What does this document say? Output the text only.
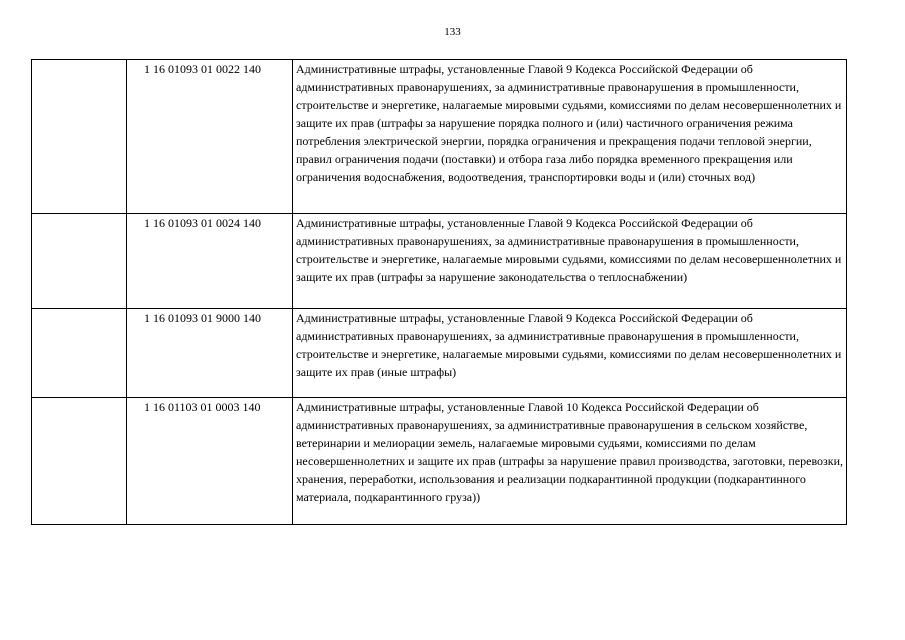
133
	1 16 01093 01 0022 140	Административные штрафы, установленные Главой 9 Кодекса Российской Федерации об административных правонарушениях, за административные правонарушения в промышленности, строительстве и энергетике, налагаемые мировыми судьями, комиссиями по делам несовершеннолетних и защите их прав (штрафы за нарушение порядка полного и (или) частичного ограничения режима потребления электрической энергии, порядка ограничения и прекращения подачи тепловой энергии, правил ограничения подачи (поставки) и отбора газа либо порядка временного прекращения или ограничения водоснабжения, водоотведения, транспортировки воды и (или) сточных вод)
	1 16 01093 01 0024 140	Административные штрафы, установленные Главой 9 Кодекса Российской Федерации об административных правонарушениях, за административные правонарушения в промышленности, строительстве и энергетике, налагаемые мировыми судьями, комиссиями по делам несовершеннолетних и защите их прав (штрафы за нарушение законодательства о теплоснабжении)
	1 16 01093 01 9000 140	Административные штрафы, установленные Главой 9 Кодекса Российской Федерации об административных правонарушениях, за административные правонарушения в промышленности, строительстве и энергетике, налагаемые мировыми судьями, комиссиями по делам несовершеннолетних и защите их прав (иные штрафы)
	1 16 01103 01 0003 140	Административные штрафы, установленные Главой 10 Кодекса Российской Федерации об административных правонарушениях, за административные правонарушения в сельском хозяйстве, ветеринарии и мелиорации земель, налагаемые мировыми судьями, комиссиями по делам несовершеннолетних и защите их прав (штрафы за нарушение правил производства, заготовки, перевозки, хранения, переработки, использования и реализации подкарантинной продукции (подкарантинного материала, подкарантинного груза))
